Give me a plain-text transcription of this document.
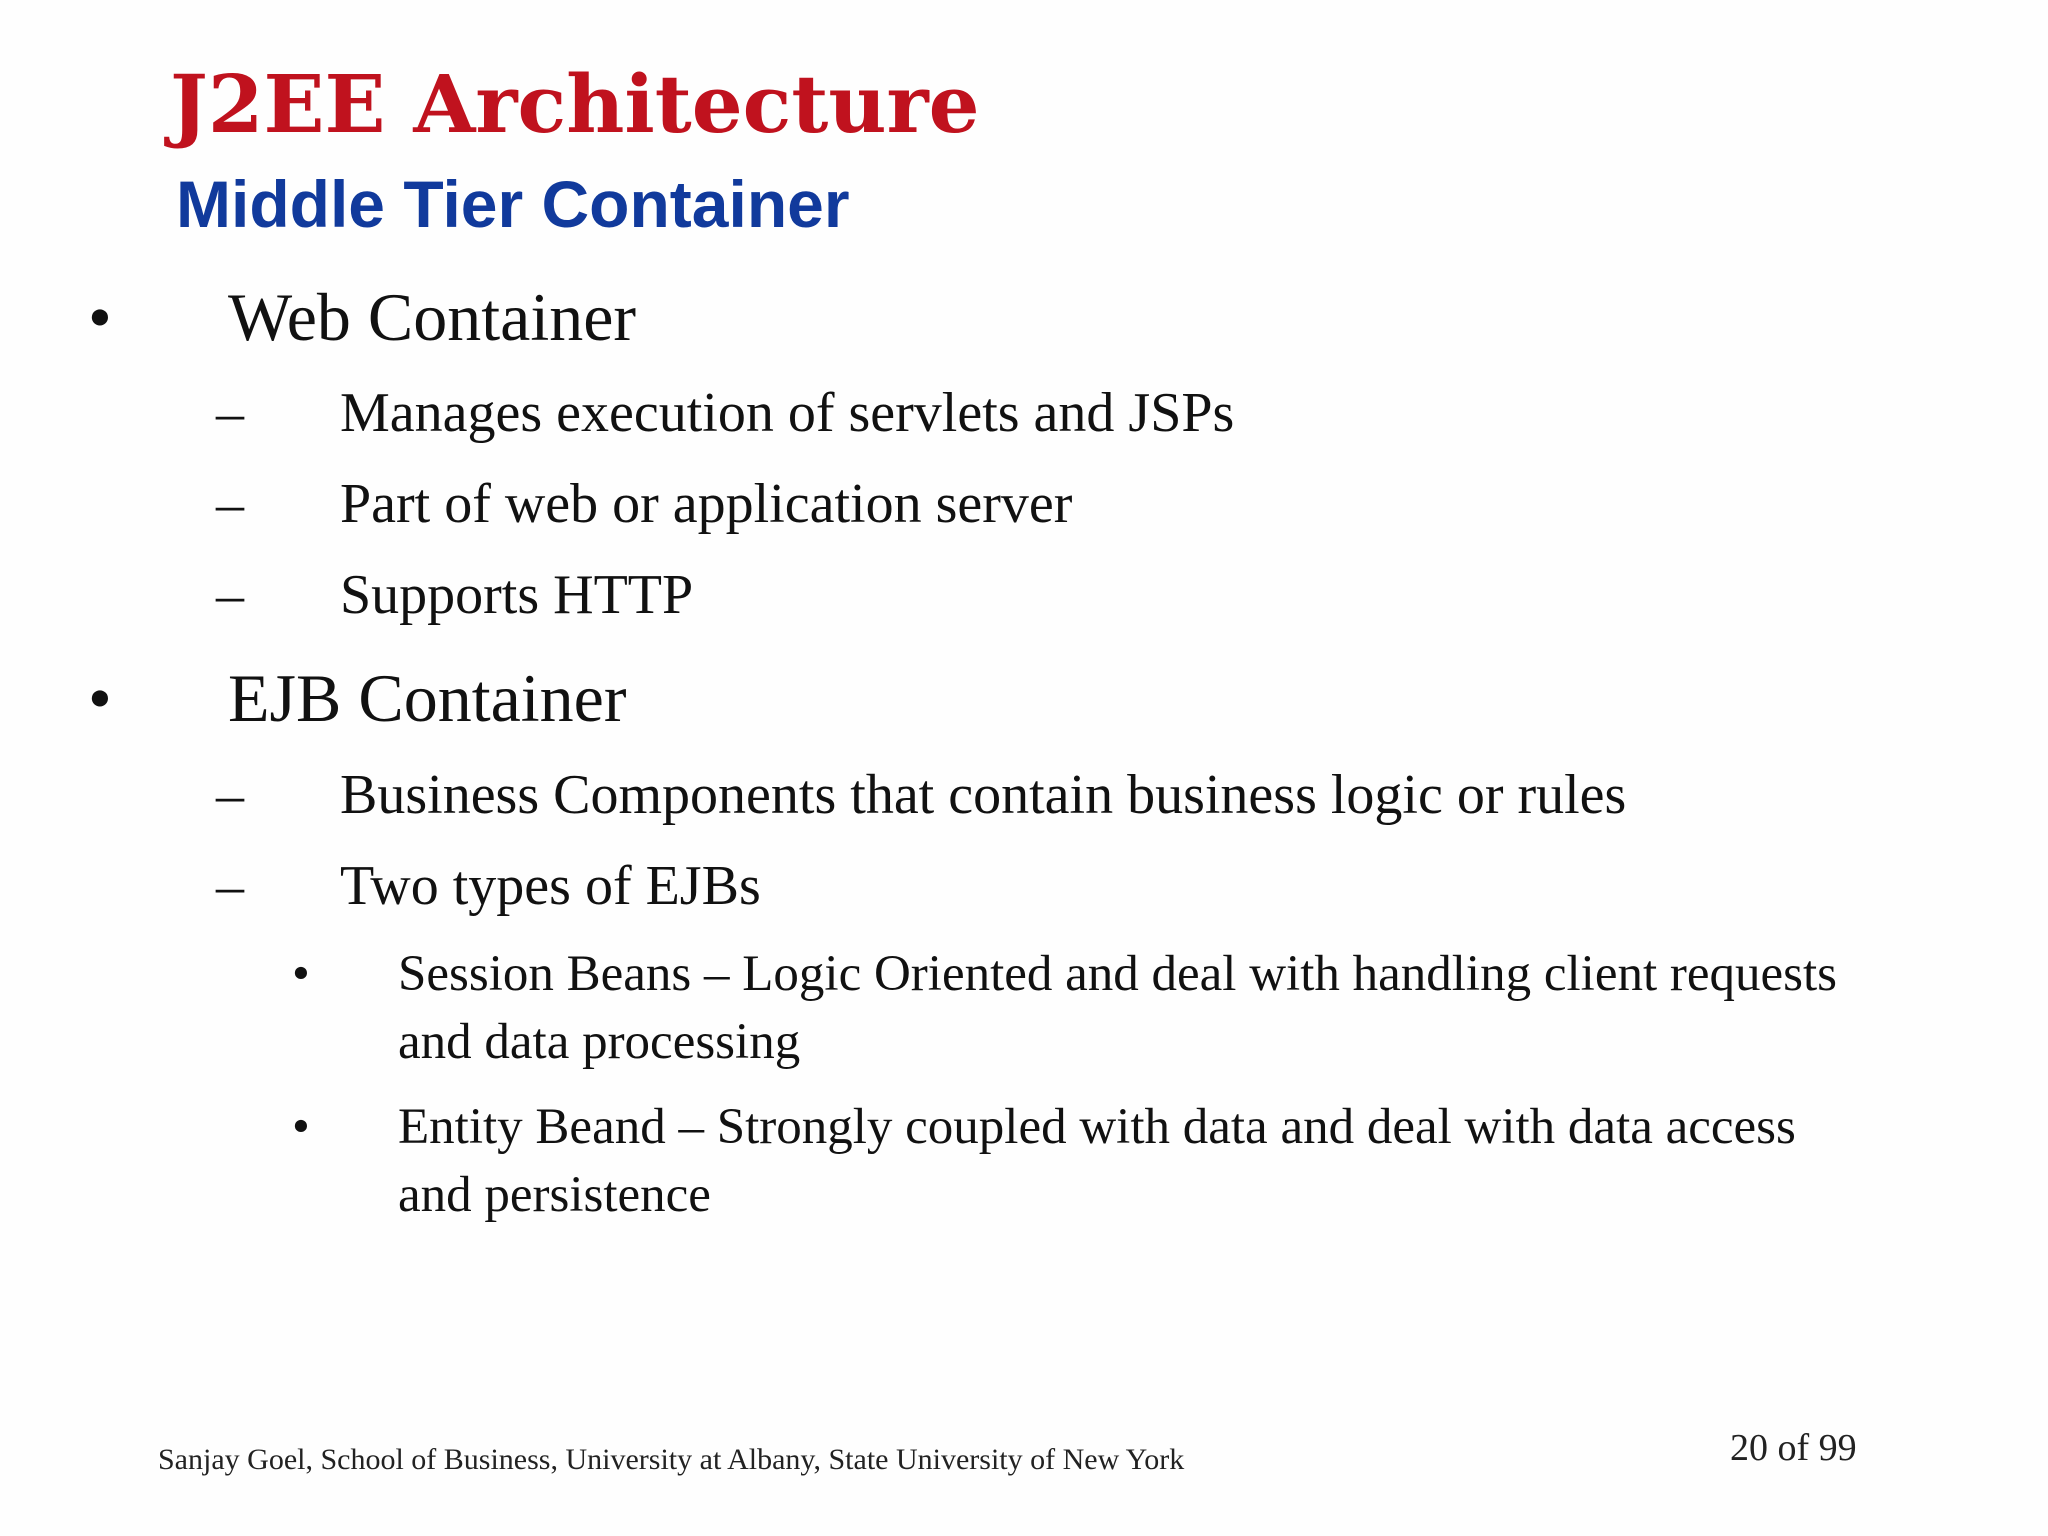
J2EE Architecture
Middle Tier Container
• Web Container
– Manages execution of servlets and JSPs
– Part of web or application server
– Supports HTTP
• EJB Container
– Business Components that contain business logic or rules
– Two types of EJBs
• Session Beans – Logic Oriented and deal with handling client requests
and data processing
• Entity Beand – Strongly coupled with data and deal with data access
and persistence
Sanjay Goel, School of Business, University at Albany, State University of New York	20 of 99
